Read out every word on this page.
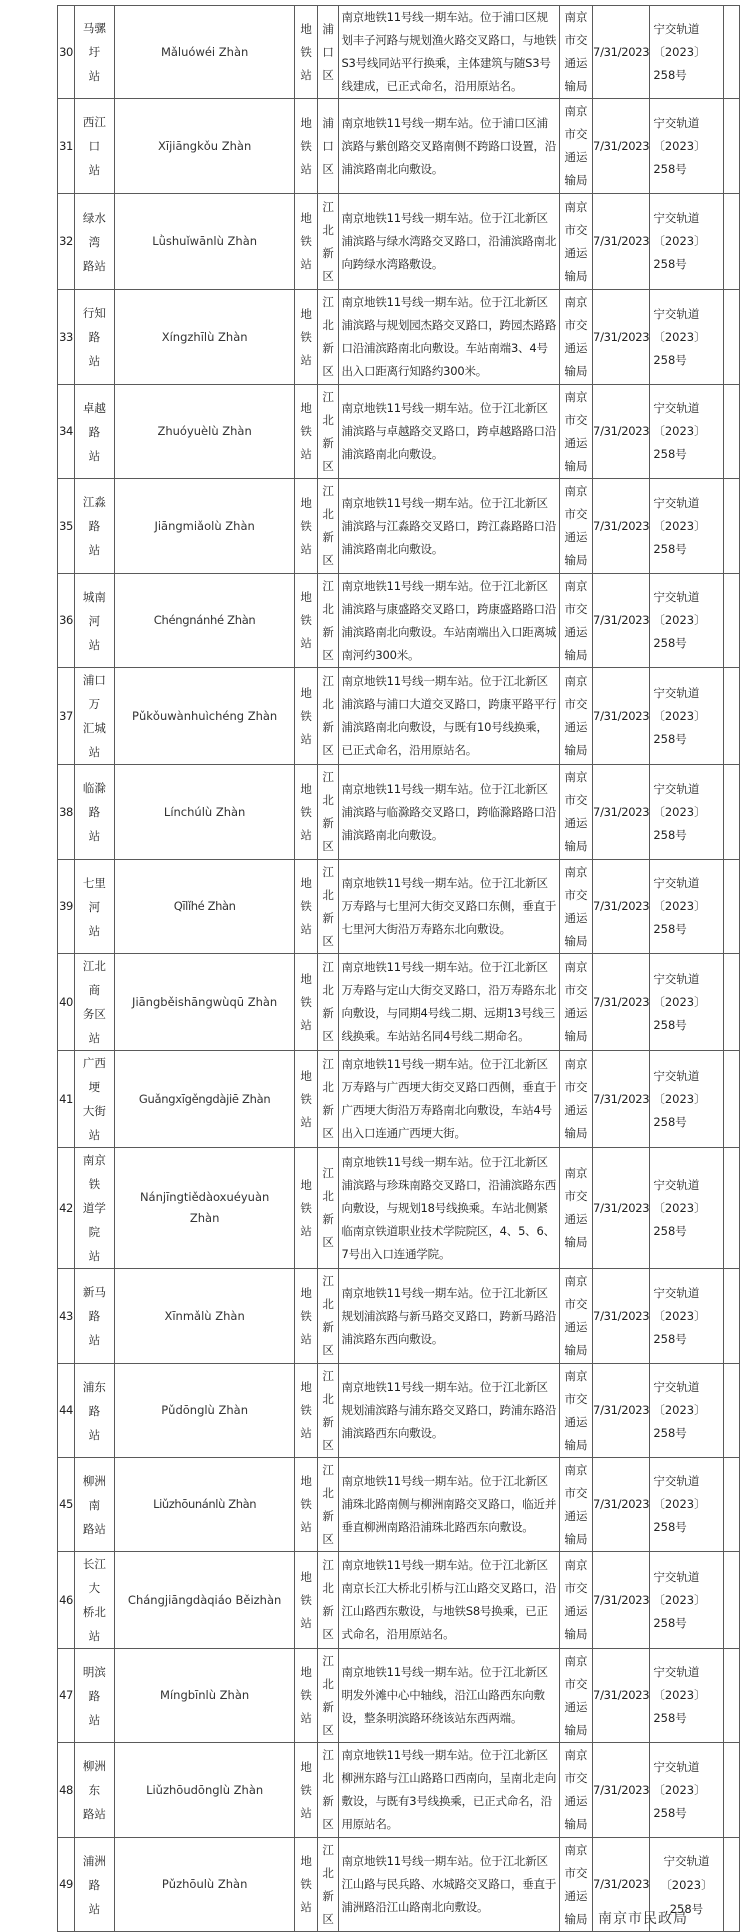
30	马骡圩
站	Mǎluówéi Zhàn	地
铁
站	浦
口
区	南京地铁11号线一期车站。位于浦口区规划丰子河路与规划渔火路交叉路口，与地铁S3号线同站平行换乘，主体建筑与随S3号线建成，已正式命名，沿用原站名。	南京
市交
通运
输局	7/31/2023	宁交轨道〔2023〕258号	
31	西江口
站	Xījiāngkǒu Zhàn	地
铁
站	浦
口
区	南京地铁11号线一期车站。位于浦口区浦滨路与紫创路交叉路南侧不跨路口设置，沿浦滨路南北向敷设。	南京
市交
通运
输局	7/31/2023	宁交轨道〔2023〕258号	
32	绿水湾
路站	Lǜshuǐwānlù Zhàn	地
铁
站	江
北
新
区	南京地铁11号线一期车站。位于江北新区浦滨路与绿水湾路交叉路口，沿浦滨路南北向跨绿水湾路敷设。	南京
市交
通运
输局	7/31/2023	宁交轨道〔2023〕258号	
33	行知路
站	Xíngzhīlù Zhàn	地
铁
站	江
北
新
区	南京地铁11号线一期车站。位于江北新区浦滨路与规划园杰路交叉路口，跨园杰路路口沿浦滨路南北向敷设。车站南端3、4号出入口距离行知路约300米。	南京
市交
通运
输局	7/31/2023	宁交轨道〔2023〕258号	
34	卓越路
站	Zhuóyuèlù Zhàn	地
铁
站	江
北
新
区	南京地铁11号线一期车站。位于江北新区浦滨路与卓越路交叉路口，跨卓越路路口沿浦滨路南北向敷设。	南京
市交
通运
输局	7/31/2023	宁交轨道〔2023〕258号	
35	江淼路
站	Jiāngmiǎolù Zhàn	地
铁
站	江
北
新
区	南京地铁11号线一期车站。位于江北新区浦滨路与江淼路交叉路口，跨江淼路路口沿浦滨路南北向敷设。	南京
市交
通运
输局	7/31/2023	宁交轨道〔2023〕258号	
36	城南河
站	Chéngnánhé Zhàn	地
铁
站	江
北
新
区	南京地铁11号线一期车站。位于江北新区浦滨路与康盛路交叉路口，跨康盛路路口沿浦滨路南北向敷设。车站南端出入口距离城南河约300米。	南京
市交
通运
输局	7/31/2023	宁交轨道〔2023〕258号	
37	浦口万
汇城站	Pǔkǒuwànhuìchéng Zhàn	地
铁
站	江
北
新
区	南京地铁11号线一期车站。位于江北新区浦滨路与浦口大道交叉路口，跨康平路平行浦滨路南北向敷设，与既有10号线换乘，已正式命名，沿用原站名。	南京
市交
通运
输局	7/31/2023	宁交轨道〔2023〕258号	
38	临滁路
站	Línchúlù Zhàn	地
铁
站	江
北
新
区	南京地铁11号线一期车站。位于江北新区浦滨路与临滁路交叉路口，跨临滁路路口沿浦滨路南北向敷设。	南京
市交
通运
输局	7/31/2023	宁交轨道〔2023〕258号	
39	七里河
站	Qīlǐhé Zhàn	地
铁
站	江
北
新
区	南京地铁11号线一期车站。位于江北新区万寿路与七里河大街交叉路口东侧，垂直于七里河大街沿万寿路东北向敷设。	南京
市交
通运
输局	7/31/2023	宁交轨道〔2023〕258号	
40	江北商
务区站	Jiāngběishāngwùqū Zhàn	地
铁
站	江
北
新
区	南京地铁11号线一期车站。位于江北新区万寿路与定山大街交叉路口，沿万寿路东北向敷设，与同期4号线二期、远期13号线三线换乘。车站站名同4号线二期命名。	南京
市交
通运
输局	7/31/2023	宁交轨道〔2023〕258号	
41	广西埂
大街站	Guǎngxīgěngdàjiē Zhàn	地
铁
站	江
北
新
区	南京地铁11号线一期车站。位于江北新区万寿路与广西埂大街交叉路口西侧，垂直于广西埂大街沿万寿路南北向敷设，车站4号出入口连通广西埂大街。	南京
市交
通运
输局	7/31/2023	宁交轨道〔2023〕258号	
42	南京铁
道学院
站	Nánjīngtiědàoxuéyuàn Zhàn	地
铁
站	江
北
新
区	南京地铁11号线一期车站。位于江北新区浦滨路与珍珠南路交叉路口，沿浦滨路东西向敷设，与规划18号线换乘。车站北侧紧临南京铁道职业技术学院院区，4、5、6、7号出入口连通学院。	南京
市交
通运
输局	7/31/2023	宁交轨道〔2023〕258号	
43	新马路
站	Xīnmǎlù Zhàn	地
铁
站	江
北
新
区	南京地铁11号线一期车站。位于江北新区规划浦滨路与新马路交叉路口，跨新马路沿浦滨路东西向敷设。	南京
市交
通运
输局	7/31/2023	宁交轨道〔2023〕258号	
44	浦东路
站	Pǔdōnglù Zhàn	地
铁
站	江
北
新
区	南京地铁11号线一期车站。位于江北新区规划浦滨路与浦东路交叉路口，跨浦东路沿浦滨路西东向敷设。	南京
市交
通运
输局	7/31/2023	宁交轨道〔2023〕258号	
45	柳洲南
路站	Liǔzhōunánlù Zhàn	地
铁
站	江
北
新
区	南京地铁11号线一期车站。位于江北新区浦珠北路南侧与柳洲南路交叉路口，临近并垂直柳洲南路沿浦珠北路西东向敷设。	南京
市交
通运
输局	7/31/2023	宁交轨道〔2023〕258号	
46	长江大
桥北站	Chángjiāngdàqiáo Běizhàn	地
铁
站	江
北
新
区	南京地铁11号线一期车站。位于江北新区南京长江大桥北引桥与江山路交叉路口，沿江山路西东敷设，与地铁S8号换乘，已正式命名，沿用原站名。	南京
市交
通运
输局	7/31/2023	宁交轨道〔2023〕258号	
47	明滨路
站	Míngbīnlù Zhàn	地
铁
站	江
北
新
区	南京地铁11号线一期车站。位于江北新区明发外滩中心中轴线，沿江山路西东向敷设，整条明滨路环绕该站东西两端。	南京
市交
通运
输局	7/31/2023	宁交轨道〔2023〕258号	
48	柳洲东
路站	Liǔzhōudōnglù Zhàn	地
铁
站	江
北
新
区	南京地铁11号线一期车站。位于江北新区柳洲东路与江山路路口西南向，呈南北走向敷设，与既有3号线换乘，已正式命名，沿用原站名。	南京
市交
通运
输局	7/31/2023	宁交轨道〔2023〕258号	
49	浦洲路
站	Pǔzhōulù Zhàn	地
铁
站	江
北
新
区	南京地铁11号线一期车站。位于江北新区江山路与民兵路、水城路交叉路口，垂直于浦洲路沿江山路南北向敷设。	南京
市交
通运
输局	7/31/2023	宁交轨道
〔2023〕
258号	

南京市民政局
